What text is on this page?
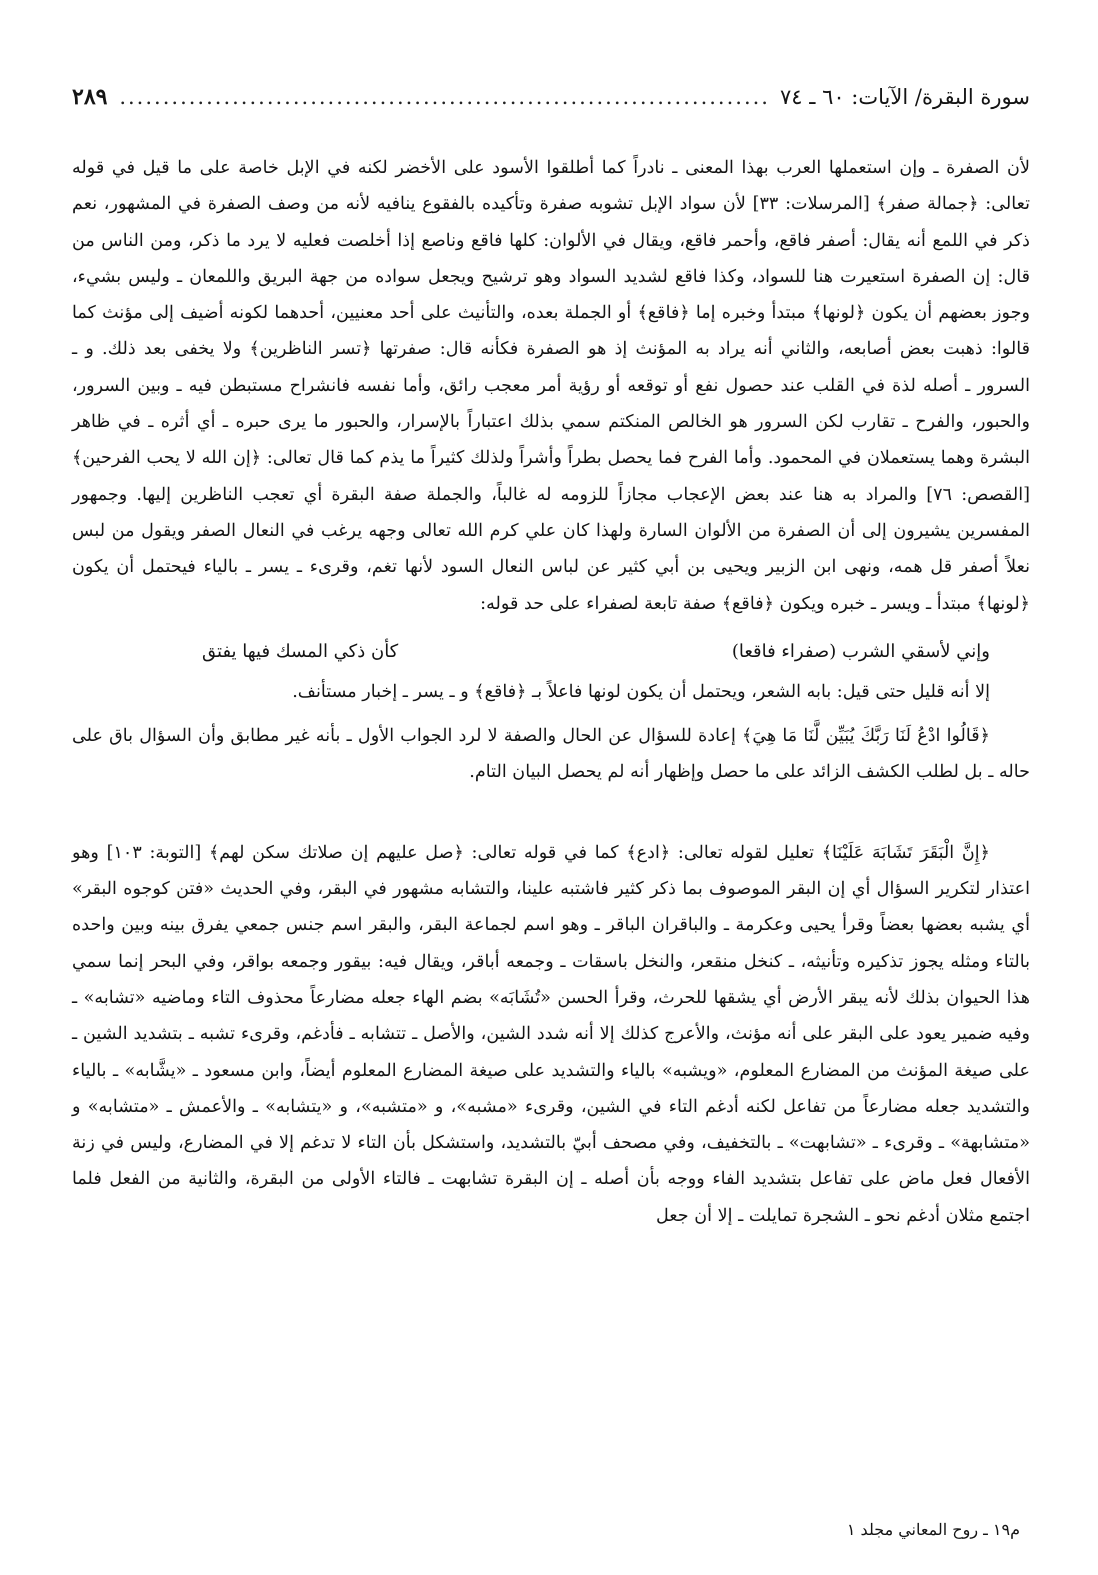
سورة البقرة/ الآيات: ٦٠ ـ ٧٤
.....
٢٨٩

لأن الصفرة ـ وإن استعملها العرب بهذا المعنى ـ نادراً كما أطلقوا الأسود على الأخضر لكنه في الإبل خاصة على ما قيل في قوله تعالى: ﴿جمالة صفر﴾ [المرسلات: ٣٣] لأن سواد الإبل تشوبه صفرة وتأكيده بالفقوع ينافيه لأنه من وصف الصفرة في المشهور، نعم ذكر في اللمع أنه يقال: أصفر فاقع، وأحمر فاقع، ويقال في الألوان: كلها فاقع وناصع إذا أخلصت فعليه لا يرد ما ذكر، ومن الناس من قال: إن الصفرة استعيرت هنا للسواد، وكذا فاقع لشديد السواد وهو ترشيح ويجعل سواده من جهة البريق واللمعان ـ وليس بشيء، وجوز بعضهم أن يكون ﴿لونها﴾ مبتدأ وخبره إما ﴿فاقع﴾ أو الجملة بعده، والتأنيث على أحد معنيين، أحدهما لكونه أضيف إلى مؤنث كما قالوا: ذهبت بعض أصابعه، والثاني أنه يراد به المؤنث إذ هو الصفرة فكأنه قال: صفرتها ﴿تسر الناظرين﴾ ولا يخفى بعد ذلك. و ـ السرور ـ أصله لذة في القلب عند حصول نفع أو توقعه أو رؤية أمر معجب رائق، وأما نفسه فانشراح مستبطن فيه ـ وبين السرور، والحبور، والفرح ـ تقارب لكن السرور هو الخالص المنكتم سمي بذلك اعتباراً بالإسرار، والحبور ما يرى حبره ـ أي أثره ـ في ظاهر البشرة وهما يستعملان في المحمود. وأما الفرح فما يحصل بطراً وأشراً ولذلك كثيراً ما يذم كما قال تعالى: ﴿إن الله لا يحب الفرحين﴾ [القصص: ٧٦] والمراد به هنا عند بعض الإعجاب مجازاً للزومه له غالباً، والجملة صفة البقرة أي تعجب الناظرين إليها. وجمهور المفسرين يشيرون إلى أن الصفرة من الألوان السارة ولهذا كان علي كرم الله تعالى وجهه يرغب في النعال الصفر ويقول من لبس نعلاً أصفر قل همه، ونهى ابن الزبير ويحيى بن أبي كثير عن لباس النعال السود لأنها تغم، وقرىء ـ يسر ـ بالياء فيحتمل أن يكون ﴿لونها﴾ مبتدأ ـ ويسر ـ خبره ويكون ﴿فاقع﴾ صفة تابعة لصفراء على حد قوله:

وإني لأسقي الشرب (صفراء فاقعا)
كأن ذكي المسك فيها يفتق

إلا أنه قليل حتى قيل: بابه الشعر، ويحتمل أن يكون لونها فاعلاً بـ ﴿فاقع﴾ و ـ يسر ـ إخبار مستأنف.

﴿قَالُوا ادْعُ لَنَا رَبَّكَ يُبَيِّن لَّنَا مَا هِيَ﴾ إعادة للسؤال عن الحال والصفة لا لرد الجواب الأول ـ بأنه غير مطابق وأن السؤال باق على حاله ـ بل لطلب الكشف الزائد على ما حصل وإظهار أنه لم يحصل البيان التام.

﴿إِنَّ الْبَقَرَ تَشَابَهَ عَلَيْنَا﴾ تعليل لقوله تعالى: ﴿ادع﴾ كما في قوله تعالى: ﴿صل عليهم إن صلاتك سكن لهم﴾ [التوبة: ١٠٣] وهو اعتذار لتكرير السؤال أي إن البقر الموصوف بما ذكر كثير فاشتبه علينا، والتشابه مشهور في البقر، وفي الحديث «فتن كوجوه البقر» أي يشبه بعضها بعضاً وقرأ يحيى وعكرمة ـ والباقران الباقر ـ وهو اسم لجماعة البقر، والبقر اسم جنس جمعي يفرق بينه وبين واحده بالتاء ومثله يجوز تذكيره وتأنيثه، ـ كنخل منقعر، والنخل باسقات ـ وجمعه أباقر، ويقال فيه: بيقور وجمعه بواقر، وفي البحر إنما سمي هذا الحيوان بذلك لأنه يبقر الأرض أي يشقها للحرث، وقرأ الحسن «تُشَابَه» بضم الهاء جعله مضارعاً محذوف التاء وماضيه «تشابه» ـ وفيه ضمير يعود على البقر على أنه مؤنث، والأعرج كذلك إلا أنه شدد الشين، والأصل ـ تتشابه ـ فأدغم، وقرىء تشبه ـ بتشديد الشين ـ على صيغة المؤنث من المضارع المعلوم، «ويشبه» بالياء والتشديد على صيغة المضارع المعلوم أيضاً، وابن مسعود ـ «يشَّابه» ـ بالياء والتشديد جعله مضارعاً من تفاعل لكنه أدغم التاء في الشين، وقرىء «مشبه»، و «متشبه»، و «يتشابه» ـ والأعمش ـ «متشابه» و «متشابهة» ـ وقرىء ـ «تشابهت» ـ بالتخفيف، وفي مصحف أبيّ بالتشديد، واستشكل بأن التاء لا تدغم إلا في المضارع، وليس في زنة الأفعال فعل ماض على تفاعل بتشديد الفاء ووجه بأن أصله ـ إن البقرة تشابهت ـ فالتاء الأولى من البقرة، والثانية من الفعل فلما اجتمع مثلان أدغم نحو ـ الشجرة تمايلت ـ إلا أن جعل

م١٩ ـ روح المعاني مجلد ١
